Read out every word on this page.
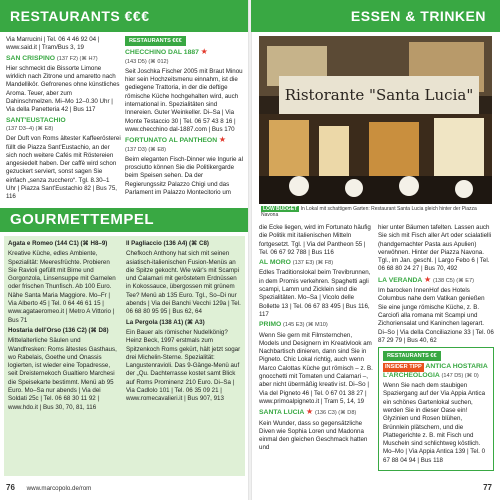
RESTAURANTS €€€

Via Marrucini | Tel. 06 4 46 92 04 | www.said.it | Tram/Bus 3, 19

SAN CRISPINO (137 F2) (⌘ H7)

Hier schmeckt die Bissorte Limone wirklich nach Zitrone und amaretto nach Mandellikör. Gefrorenes ohne künstliches Aroma. Teuer, aber zum Dahinschmelzen. Mi–Mo 12–0.30 Uhr | Via della Panetteria 42 | Bus 117

SANT'EUSTACHIO
(137 D3–4) (⌘ E8)

Der Duft von Roms ältester Kaffeerösterei füllt die Piazza Sant'Eustachio, an der sich noch weitere Cafés mit Röstereien angesiedelt haben. Der caffè wird schon gezuckert serviert, sonst sagen Sie einfach „senza zucchero“. Tgl. 8.30–1 Uhr | Piazza Sant'Eustachio 82 | Bus 75, 116

RESTAURANTS €€€

CHECCHINO DAL 1887 ★
(143 D5) (⌘ 012)

Seit Joschka Fischer 2005 mit Braut Minou hier sein Hochzeitsmenu einnahm, ist die gediegene Trattoria, in der die deftige römische Küche hochgehalten wird, auch international in. Spezialitäten sind Innereien. Guter Weinkeller. Di–Sa | Via Monte Testaccio 30 | Tel. 06 57 43 8 16 | www.checchino dal-1887.com | Bus 170

FORTUNATO AL PANTHEON ★
(137 D3) (⌘ E8)

Beim eleganten Fisch-Dinner wie Ingurie al prosciutto können Sie die Politikergarde beim Speisen sehen. Da der Regierungssitz Palazzo Chigi und das Parlament im Palazzo Montecitorio um

GOURMETTEMPEL

Agata e Romeo (144 C1) (⌘ H8–9)

Kreative Küche, edles Ambiente, Spezialität: Meeresfrüchte. Probieren Sie Ravioli gefüllt mit Birne und Gorgonzola, Linsensuppe mit Garnelen oder frischen Thunfisch. Ab 100 Euro. Nähe Santa Maria Maggiore. Mo–Fr | Via Alberto 45 | Tel. 0 64 46 61 15 | www.agataeromeo.it | Metro A Vittorio | Bus 71

Hostaria dell'Orso (136 C2) (⌘ D8)

Mittelalterliche Säulen und Wandfresken: Roms ältestes Gasthaus, wo Rabelais, Goethe und Onassis logierten, ist wieder eine Topadresse, seit Dreisternekoch Gualtiero Marchesi die Speisekarte bestimmt. Menü ab 95 Euro. Mo–Sa nur abends | Via dei Soldati 25c | Tel. 06 68 30 11 92 | www.hdo.it | Bus 30, 70, 81, 116

Il Pagliaccio (136 A4) (⌘ C8)

Chefkoch Anthony hat sich mit seinen asiatisch-italienischen Fusion-Menüs an die Spitze gekocht. Wie wär's mit Scampi und Calamari mit geröstetem Erdnüssen in Kokossauce, übergossen mit grünem Tee? Menü ab 135 Euro. Tgl., So–Di nur abends | Via dei Banchi Vecchi 129a | Tel. 06 68 80 95 95 | Bus 62, 64

La Pergola (138 A1) (⌘ A3)

Ein Bauer als römischer Nudelkönig? Heinz Beck, 1997 erstmals zum Spitzenkoch Roms gekürt, hält jetzt sogar drei Michelin-Sterne. Spezialität: Langustenravioli. Das 9-Gänge-Menü auf der „Qu. Dachterrasse kostet samt Blick auf Roms Prominenz 210 Euro. Di–Sa | Via Cadlolo 101 | Tel. 06 35 09 21 | www.romecavalieri.it | Bus 907, 913

76 www.marcopolo.de/rom
ESSEN & TRINKEN
Ristorante "Santa Lucia"
LOW BUDGET In Lokal mit schattigem Garten: Restaurant Santa Lucia gleich hinter der Piazza Navona

die Ecke liegen, wird im Fortunato häufig die Politik mit italienischen Mitteln fortgesetzt. Tgl. | Via del Pantheon 55 | Tel. 06 67 92 788 | Bus 116

AL MORO (137 E3) (⌘ F8)

Edles Traditionslokal beim Trevibrunnen, in dem Promis verkehren. Spaghetti agli scampi, Lamm und Zicklein sind die Spezialitäten. Mo–Sa | Vicolo delle Bollette 13 | Tel. 06 67 83 495 | Bus 116, 117

PRIMO (145 E3) (⌘ M10)

Wenn Sie gern mit Filmsternchen, Models und Designern im Kreativlook am Nachbartisch dinieren, dann sind Sie in Pigneto. Chic Lokal richtig, auch wenn Marco Calottas Küche gut römisch – z. B. gnocchetti mit Tomaten und Calamari –, aber nicht übermäßig kreativ ist. Di–So | Via del Pigneto 46 | Tel. 0 67 01 38 27 | www.primoalpigneto.it | Tram 5, 14, 19

SANTA LUCIA ★ (136 C3) (⌘ D8)

Kein Wunder, dass so gegensätzliche Diven wie Sophia Loren und Madonna einmal den gleichen Geschmack hatten und

hier unter Bäumen tafelten. Lassen auch Sie sich mit Fisch aller Art oder scialatielli (handgemachter Pasta aus Apulien) verwöhnen. Hinter der Piazza Navona. Tgl., im Jan. geschl. | Largo Febo 6 | Tel. 06 68 80 24 27 | Bus 70, 492

LA VERANDA ★ (138 C5) (⌘ E7)

Im barocken InnenHof des Hotels Columbus nahe dem Vatikan genießen Sie eine junge römische Küche, z. B. Carciofi alla romana mit Scampi und Zichoriensalat und Kaninchen lagerart. Di–So | Via della Conciliazione 33 | Tel. 06 87 29 79 | Bus 40, 62

RESTAURANTS €€

INSIDER TIPP ANTICA HOSTARIA L'ARCHEOLOGIA (147 D5) (⌘ 0)

Wenn Sie nach dem staubigen Spaziergang auf der Via Appia Antica ein schönes Gartenlokal suchen, werden Sie in dieser Oase ein! Glyzinien und Rosen blühen, Brünnlein plätschern, und die Plattegerichte z. B. mit Fisch und Muscheln sind schlichtweg köstlich. Mo–Mo | Via Appia Antica 139 | Tel. 0 67 88 04 94 | Bus 118

77
